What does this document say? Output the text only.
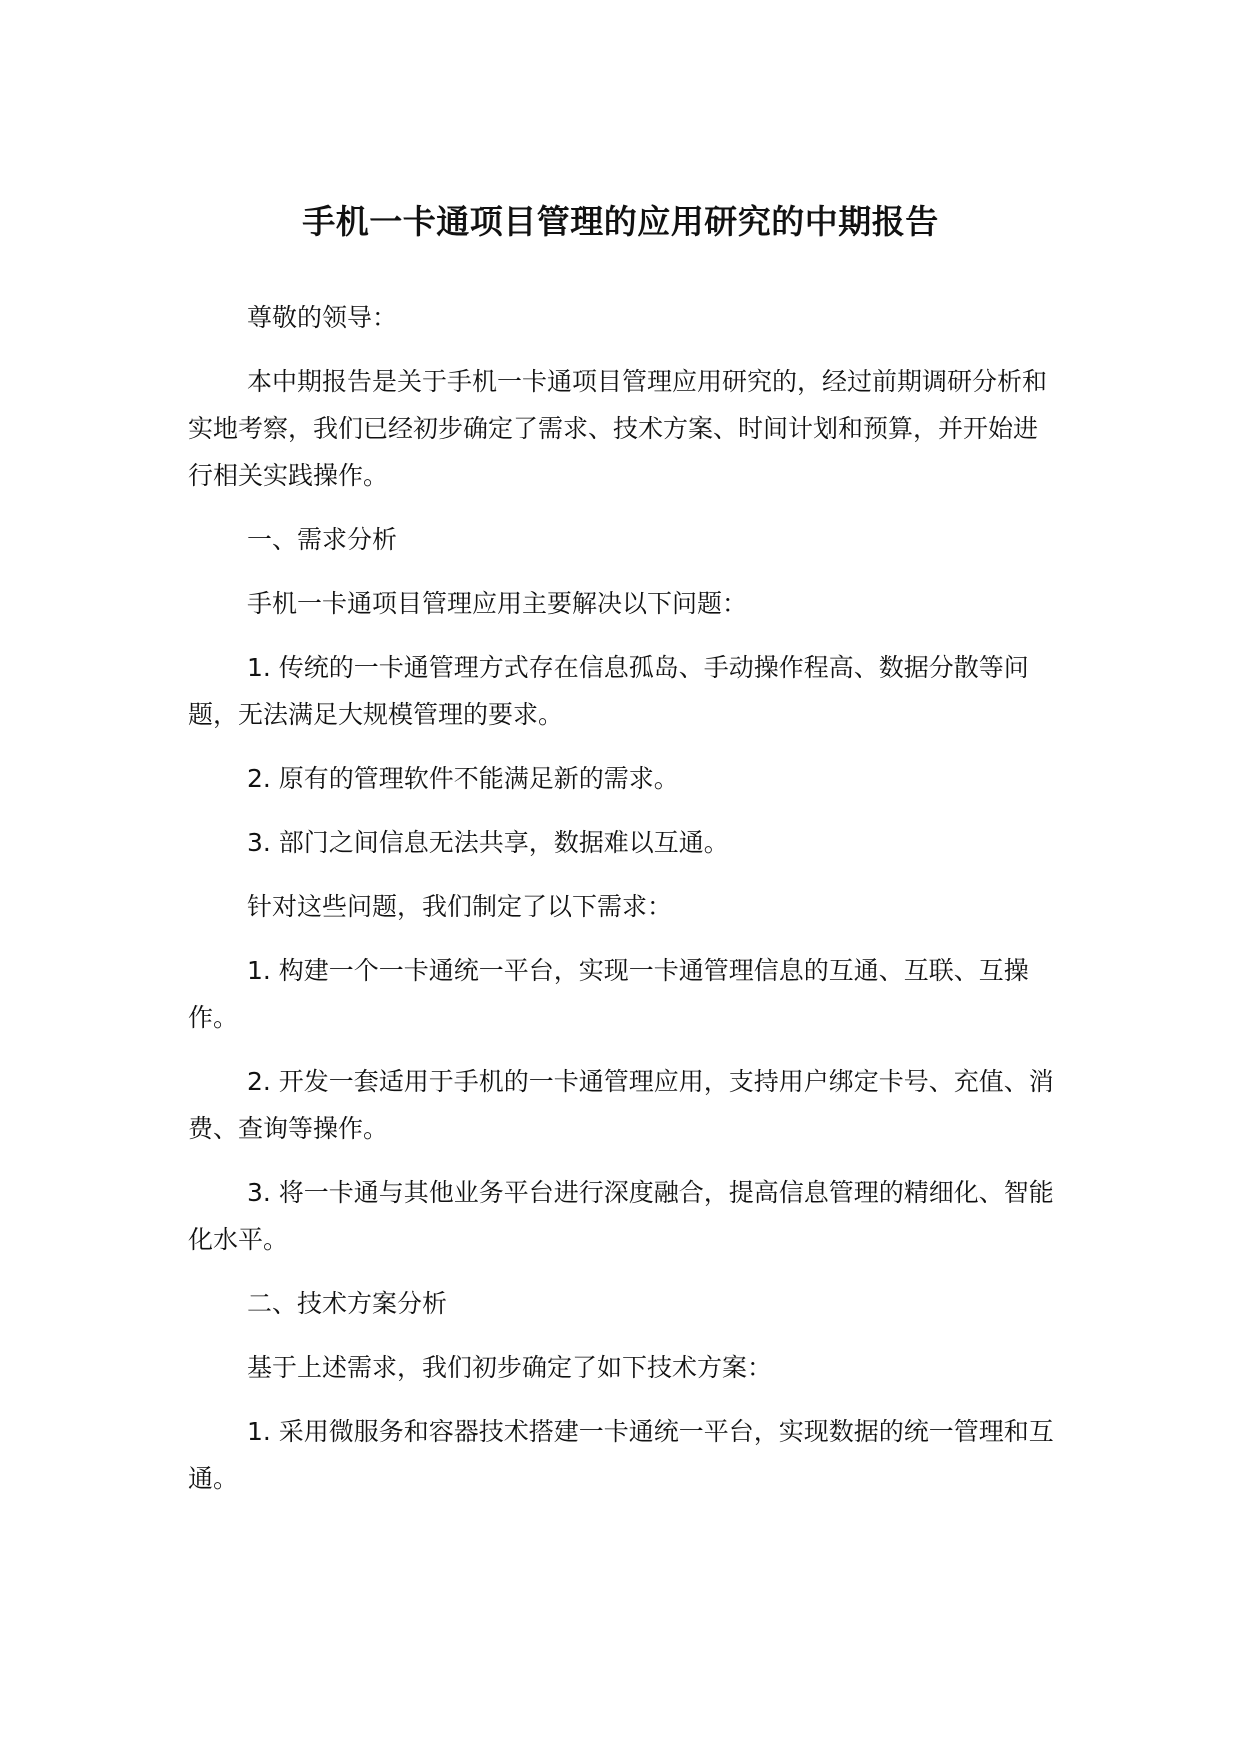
手机一卡通项目管理的应用研究的中期报告

尊敬的领导：

本中期报告是关于手机一卡通项目管理应用研究的，经过前期调研分析和实地考察，我们已经初步确定了需求、技术方案、时间计划和预算，并开始进行相关实践操作。

一、需求分析

手机一卡通项目管理应用主要解决以下问题：

1. 传统的一卡通管理方式存在信息孤岛、手动操作程高、数据分散等问题，无法满足大规模管理的要求。

2. 原有的管理软件不能满足新的需求。

3. 部门之间信息无法共享，数据难以互通。

针对这些问题，我们制定了以下需求：

1. 构建一个一卡通统一平台，实现一卡通管理信息的互通、互联、互操作。

2. 开发一套适用于手机的一卡通管理应用，支持用户绑定卡号、充值、消费、查询等操作。

3. 将一卡通与其他业务平台进行深度融合，提高信息管理的精细化、智能化水平。

二、技术方案分析

基于上述需求，我们初步确定了如下技术方案：

1. 采用微服务和容器技术搭建一卡通统一平台，实现数据的统一管理和互通。
